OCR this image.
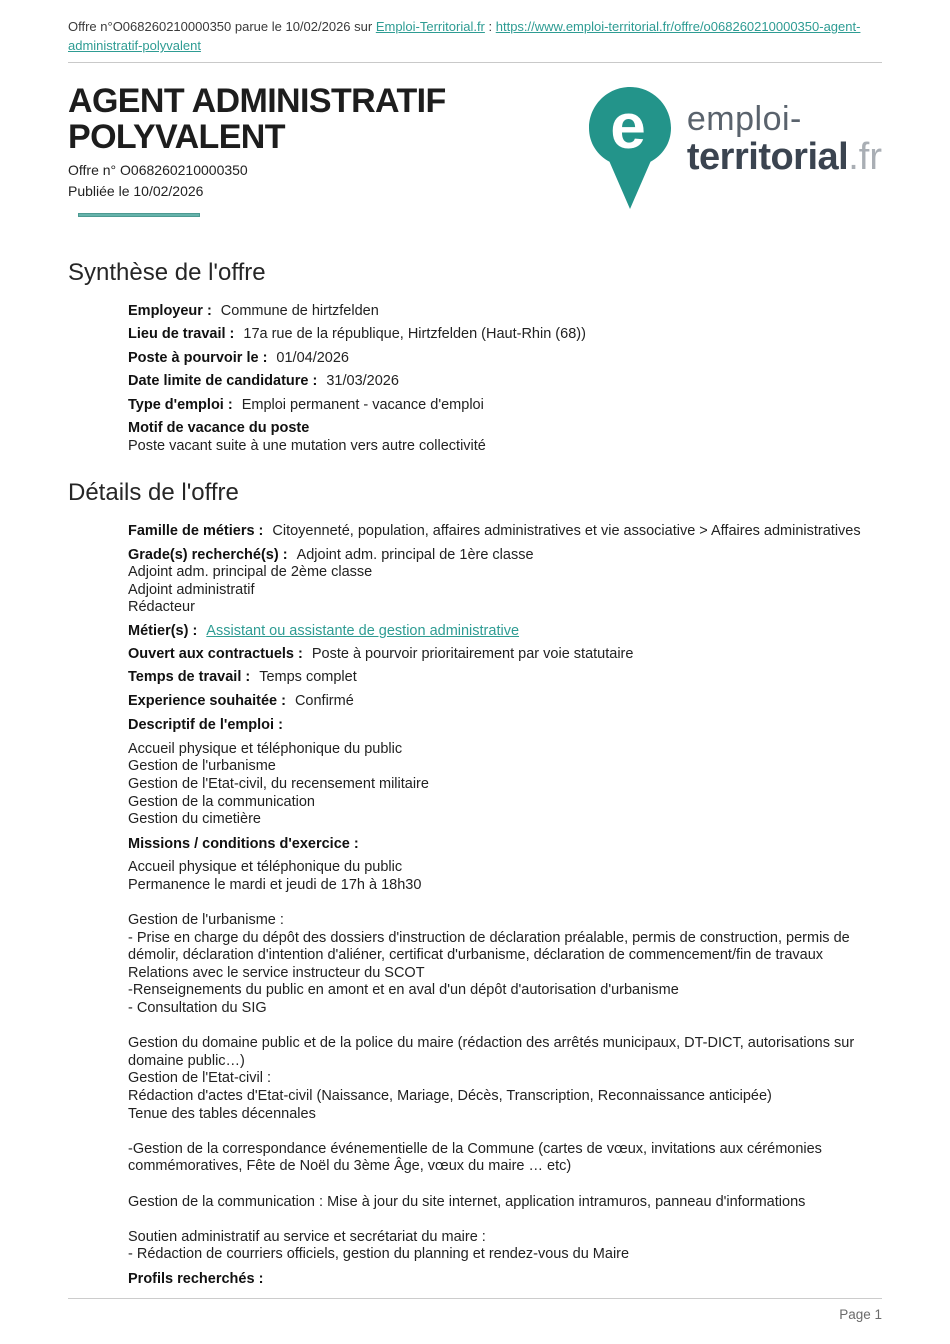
Offre n°O068260210000350 parue le 10/02/2026 sur Emploi-Territorial.fr : https://www.emploi-territorial.fr/offre/o068260210000350-agent-administratif-polyvalent

AGENT ADMINISTRATIF POLYVALENT
Offre n° O068260210000350
Publiée le 10/02/2026
e emploi-
territorial.fr
Synthèse de l'offre
Employeur : Commune de hirtzfelden
Lieu de travail : 17a rue de la république, Hirtzfelden (Haut-Rhin (68))
Poste à pourvoir le : 01/04/2026
Date limite de candidature : 31/03/2026
Type d'emploi : Emploi permanent - vacance d'emploi
Motif de vacance du poste
Poste vacant suite à une mutation vers autre collectivité
Détails de l'offre
Famille de métiers : Citoyenneté, population, affaires administratives et vie associative > Affaires administratives
Grade(s) recherché(s) : Adjoint adm. principal de 1ère classe
Adjoint adm. principal de 2ème classe
Adjoint administratif
Rédacteur
Métier(s) : Assistant ou assistante de gestion administrative
Ouvert aux contractuels : Poste à pourvoir prioritairement par voie statutaire
Temps de travail : Temps complet
Experience souhaitée : Confirmé
Descriptif de l'emploi :
Accueil physique et téléphonique du public
Gestion de l'urbanisme
Gestion de l'Etat-civil, du recensement militaire
Gestion de la communication
Gestion du cimetière
Missions / conditions d'exercice :
Accueil physique et téléphonique du public
Permanence le mardi et jeudi de 17h à 18h30
Gestion de l'urbanisme :
- Prise en charge du dépôt des dossiers d'instruction de déclaration préalable, permis de construction, permis de démolir, déclaration d'intention d'aliéner, certificat d'urbanisme, déclaration de commencement/fin de travaux
Relations avec le service instructeur du SCOT
-Renseignements du public en amont et en aval d'un dépôt d'autorisation d'urbanisme
- Consultation du SIG
Gestion du domaine public et de la police du maire (rédaction des arrêtés municipaux, DT-DICT, autorisations sur domaine public…)
Gestion de l'Etat-civil :
Rédaction d'actes d'Etat-civil (Naissance, Mariage, Décès, Transcription, Reconnaissance anticipée)
Tenue des tables décennales
-Gestion de la correspondance événementielle de la Commune (cartes de vœux, invitations aux cérémonies commémoratives, Fête de Noël du 3ème Âge, vœux du maire … etc)
Gestion de la communication : Mise à jour du site internet, application intramuros, panneau d'informations
Soutien administratif au service et secrétariat du maire :
- Rédaction de courriers officiels, gestion du planning et rendez-vous du Maire
Profils recherchés :
Page 1
